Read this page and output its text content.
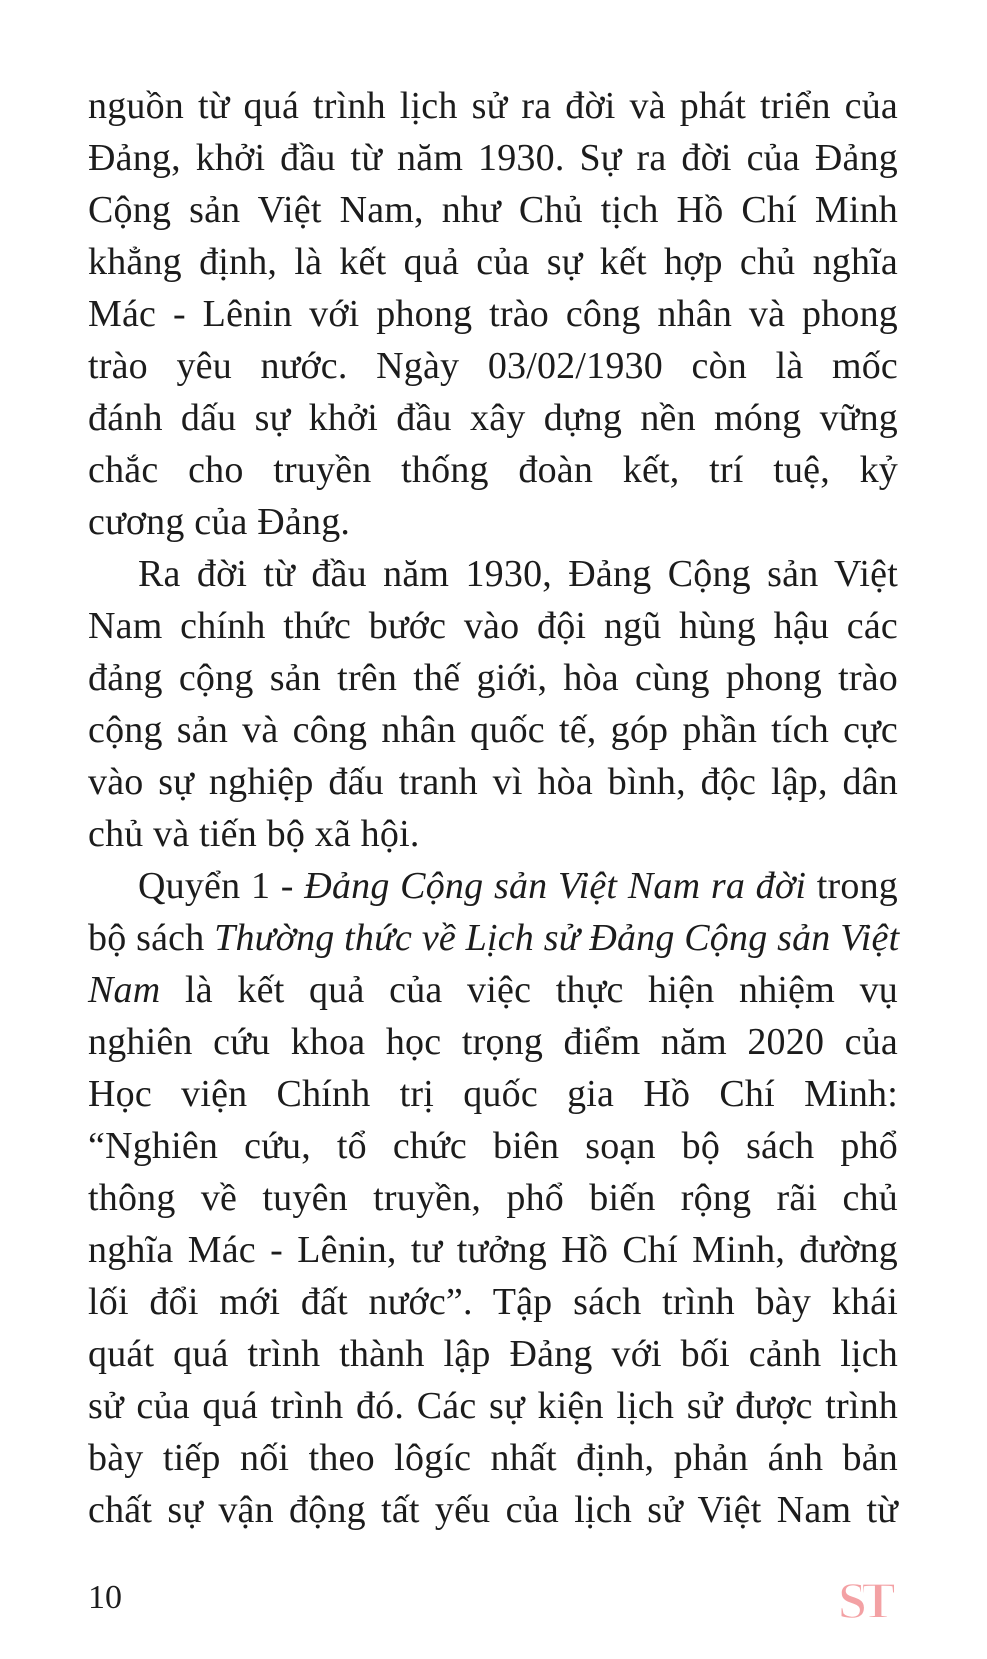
nguồn từ quá trình lịch sử ra đời và phát triển của
Đảng, khởi đầu từ năm 1930. Sự ra đời của Đảng
Cộng sản Việt Nam, như Chủ tịch Hồ Chí Minh
khẳng định, là kết quả của sự kết hợp chủ nghĩa
Mác - Lênin với phong trào công nhân và phong
trào yêu nước. Ngày 03/02/1930 còn là mốc
đánh dấu sự khởi đầu xây dựng nền móng vững
chắc cho truyền thống đoàn kết, trí tuệ, kỷ
cương của Đảng.
Ra đời từ đầu năm 1930, Đảng Cộng sản Việt
Nam chính thức bước vào đội ngũ hùng hậu các
đảng cộng sản trên thế giới, hòa cùng phong trào
cộng sản và công nhân quốc tế, góp phần tích cực
vào sự nghiệp đấu tranh vì hòa bình, độc lập, dân
chủ và tiến bộ xã hội.
Quyển 1 - Đảng Cộng sản Việt Nam ra đời trong
bộ sách Thường thức về Lịch sử Đảng Cộng sản Việt
Nam là kết quả của việc thực hiện nhiệm vụ
nghiên cứu khoa học trọng điểm năm 2020 của
Học viện Chính trị quốc gia Hồ Chí Minh:
“Nghiên cứu, tổ chức biên soạn bộ sách phổ
thông về tuyên truyền, phổ biến rộng rãi chủ
nghĩa Mác - Lênin, tư tưởng Hồ Chí Minh, đường
lối đổi mới đất nước”. Tập sách trình bày khái
quát quá trình thành lập Đảng với bối cảnh lịch
sử của quá trình đó. Các sự kiện lịch sử được trình
bày tiếp nối theo lôgíc nhất định, phản ánh bản
chất sự vận động tất yếu của lịch sử Việt Nam từ
10	ST
